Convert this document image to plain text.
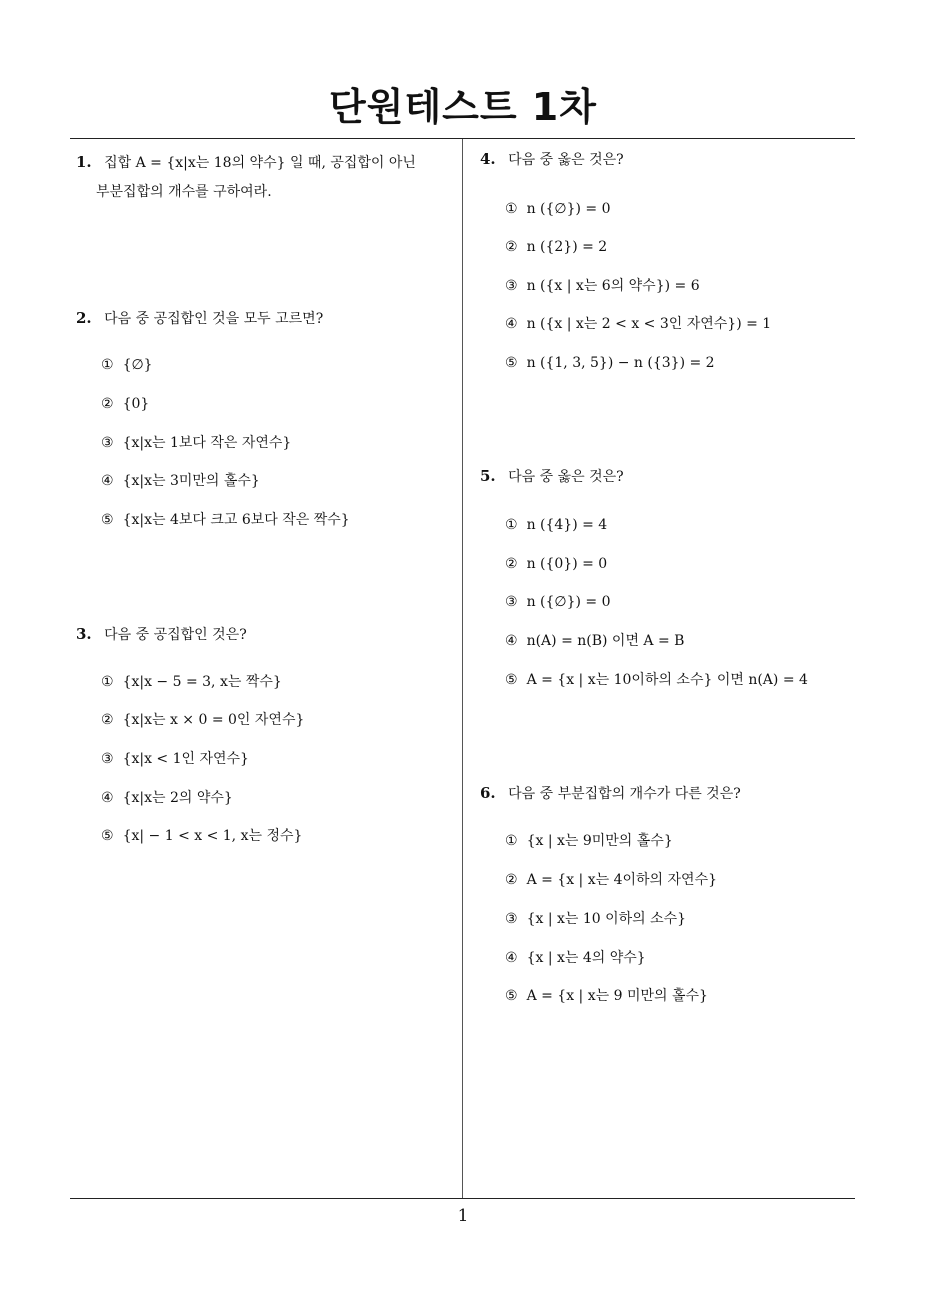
단원테스트 1차
1. 집합 A = {x|x는 18의 약수} 일 때, 공집합이 아닌
부분집합의 개수를 구하여라.
2. 다음 중 공집합인 것을 모두 고르면?
① {∅}
② {0}
③ {x|x는 1보다 작은 자연수}
④ {x|x는 3미만의 홀수}
⑤ {x|x는 4보다 크고 6보다 작은 짝수}
3. 다음 중 공집합인 것은?
① {x|x − 5 = 3, x는 짝수}
② {x|x는 x × 0 = 0인 자연수}
③ {x|x < 1인 자연수}
④ {x|x는 2의 약수}
⑤ {x| − 1 < x < 1, x는 정수}
4. 다음 중 옳은 것은?
① n ({∅}) = 0
② n ({2}) = 2
③ n ({x | x는 6의 약수}) = 6
④ n ({x | x는 2 < x < 3인 자연수}) = 1
⑤ n ({1, 3, 5}) − n ({3}) = 2
5. 다음 중 옳은 것은?
① n ({4}) = 4
② n ({0}) = 0
③ n ({∅}) = 0
④ n(A) = n(B) 이면 A = B
⑤ A = {x | x는 10이하의 소수} 이면 n(A) = 4
6. 다음 중 부분집합의 개수가 다른 것은?
① {x | x는 9미만의 홀수}
② A = {x | x는 4이하의 자연수}
③ {x | x는 10 이하의 소수}
④ {x | x는 4의 약수}
⑤ A = {x | x는 9 미만의 홀수}
1
